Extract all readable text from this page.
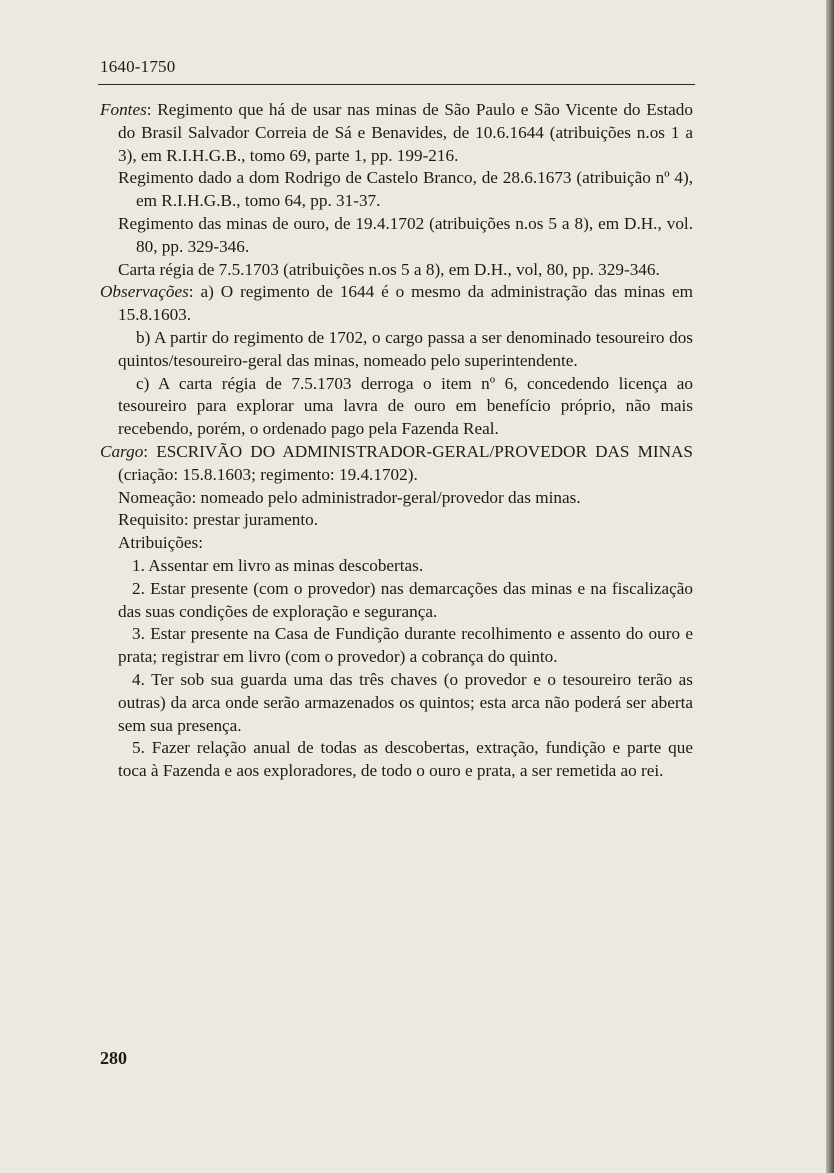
1640-1750

Fontes: Regimento que há de usar nas minas de São Paulo e São Vicente do Estado do Brasil Salvador Correia de Sá e Benavides, de 10.6.1644 (atribuições n.os 1 a 3), em R.I.H.G.B., tomo 69, parte 1, pp. 199-216.

Regimento dado a dom Rodrigo de Castelo Branco, de 28.6.1673 (atribuição nº 4), em R.I.H.G.B., tomo 64, pp. 31-37.

Regimento das minas de ouro, de 19.4.1702 (atribuições n.os 5 a 8), em D.H., vol. 80, pp. 329-346.

Carta régia de 7.5.1703 (atribuições n.os 5 a 8), em D.H., vol, 80, pp. 329-346.

Observações: a) O regimento de 1644 é o mesmo da administração das minas em 15.8.1603.

b) A partir do regimento de 1702, o cargo passa a ser denominado tesoureiro dos quintos/tesoureiro-geral das minas, nomeado pelo superintendente.

c) A carta régia de 7.5.1703 derroga o item nº 6, concedendo licença ao tesoureiro para explorar uma lavra de ouro em benefício próprio, não mais recebendo, porém, o ordenado pago pela Fazenda Real.

Cargo: ESCRIVÃO DO ADMINISTRADOR-GERAL/PROVEDOR DAS MINAS (criação: 15.8.1603; regimento: 19.4.1702).

Nomeação: nomeado pelo administrador-geral/provedor das minas.

Requisito: prestar juramento.

Atribuições:

1. Assentar em livro as minas descobertas.

2. Estar presente (com o provedor) nas demarcações das minas e na fiscalização das suas condições de exploração e segurança.

3. Estar presente na Casa de Fundição durante recolhimento e assento do ouro e prata; registrar em livro (com o provedor) a cobrança do quinto.

4. Ter sob sua guarda uma das três chaves (o provedor e o tesoureiro terão as outras) da arca onde serão armazenados os quintos; esta arca não poderá ser aberta sem sua presença.

5. Fazer relação anual de todas as descobertas, extração, fundição e parte que toca à Fazenda e aos exploradores, de todo o ouro e prata, a ser remetida ao rei.

280
